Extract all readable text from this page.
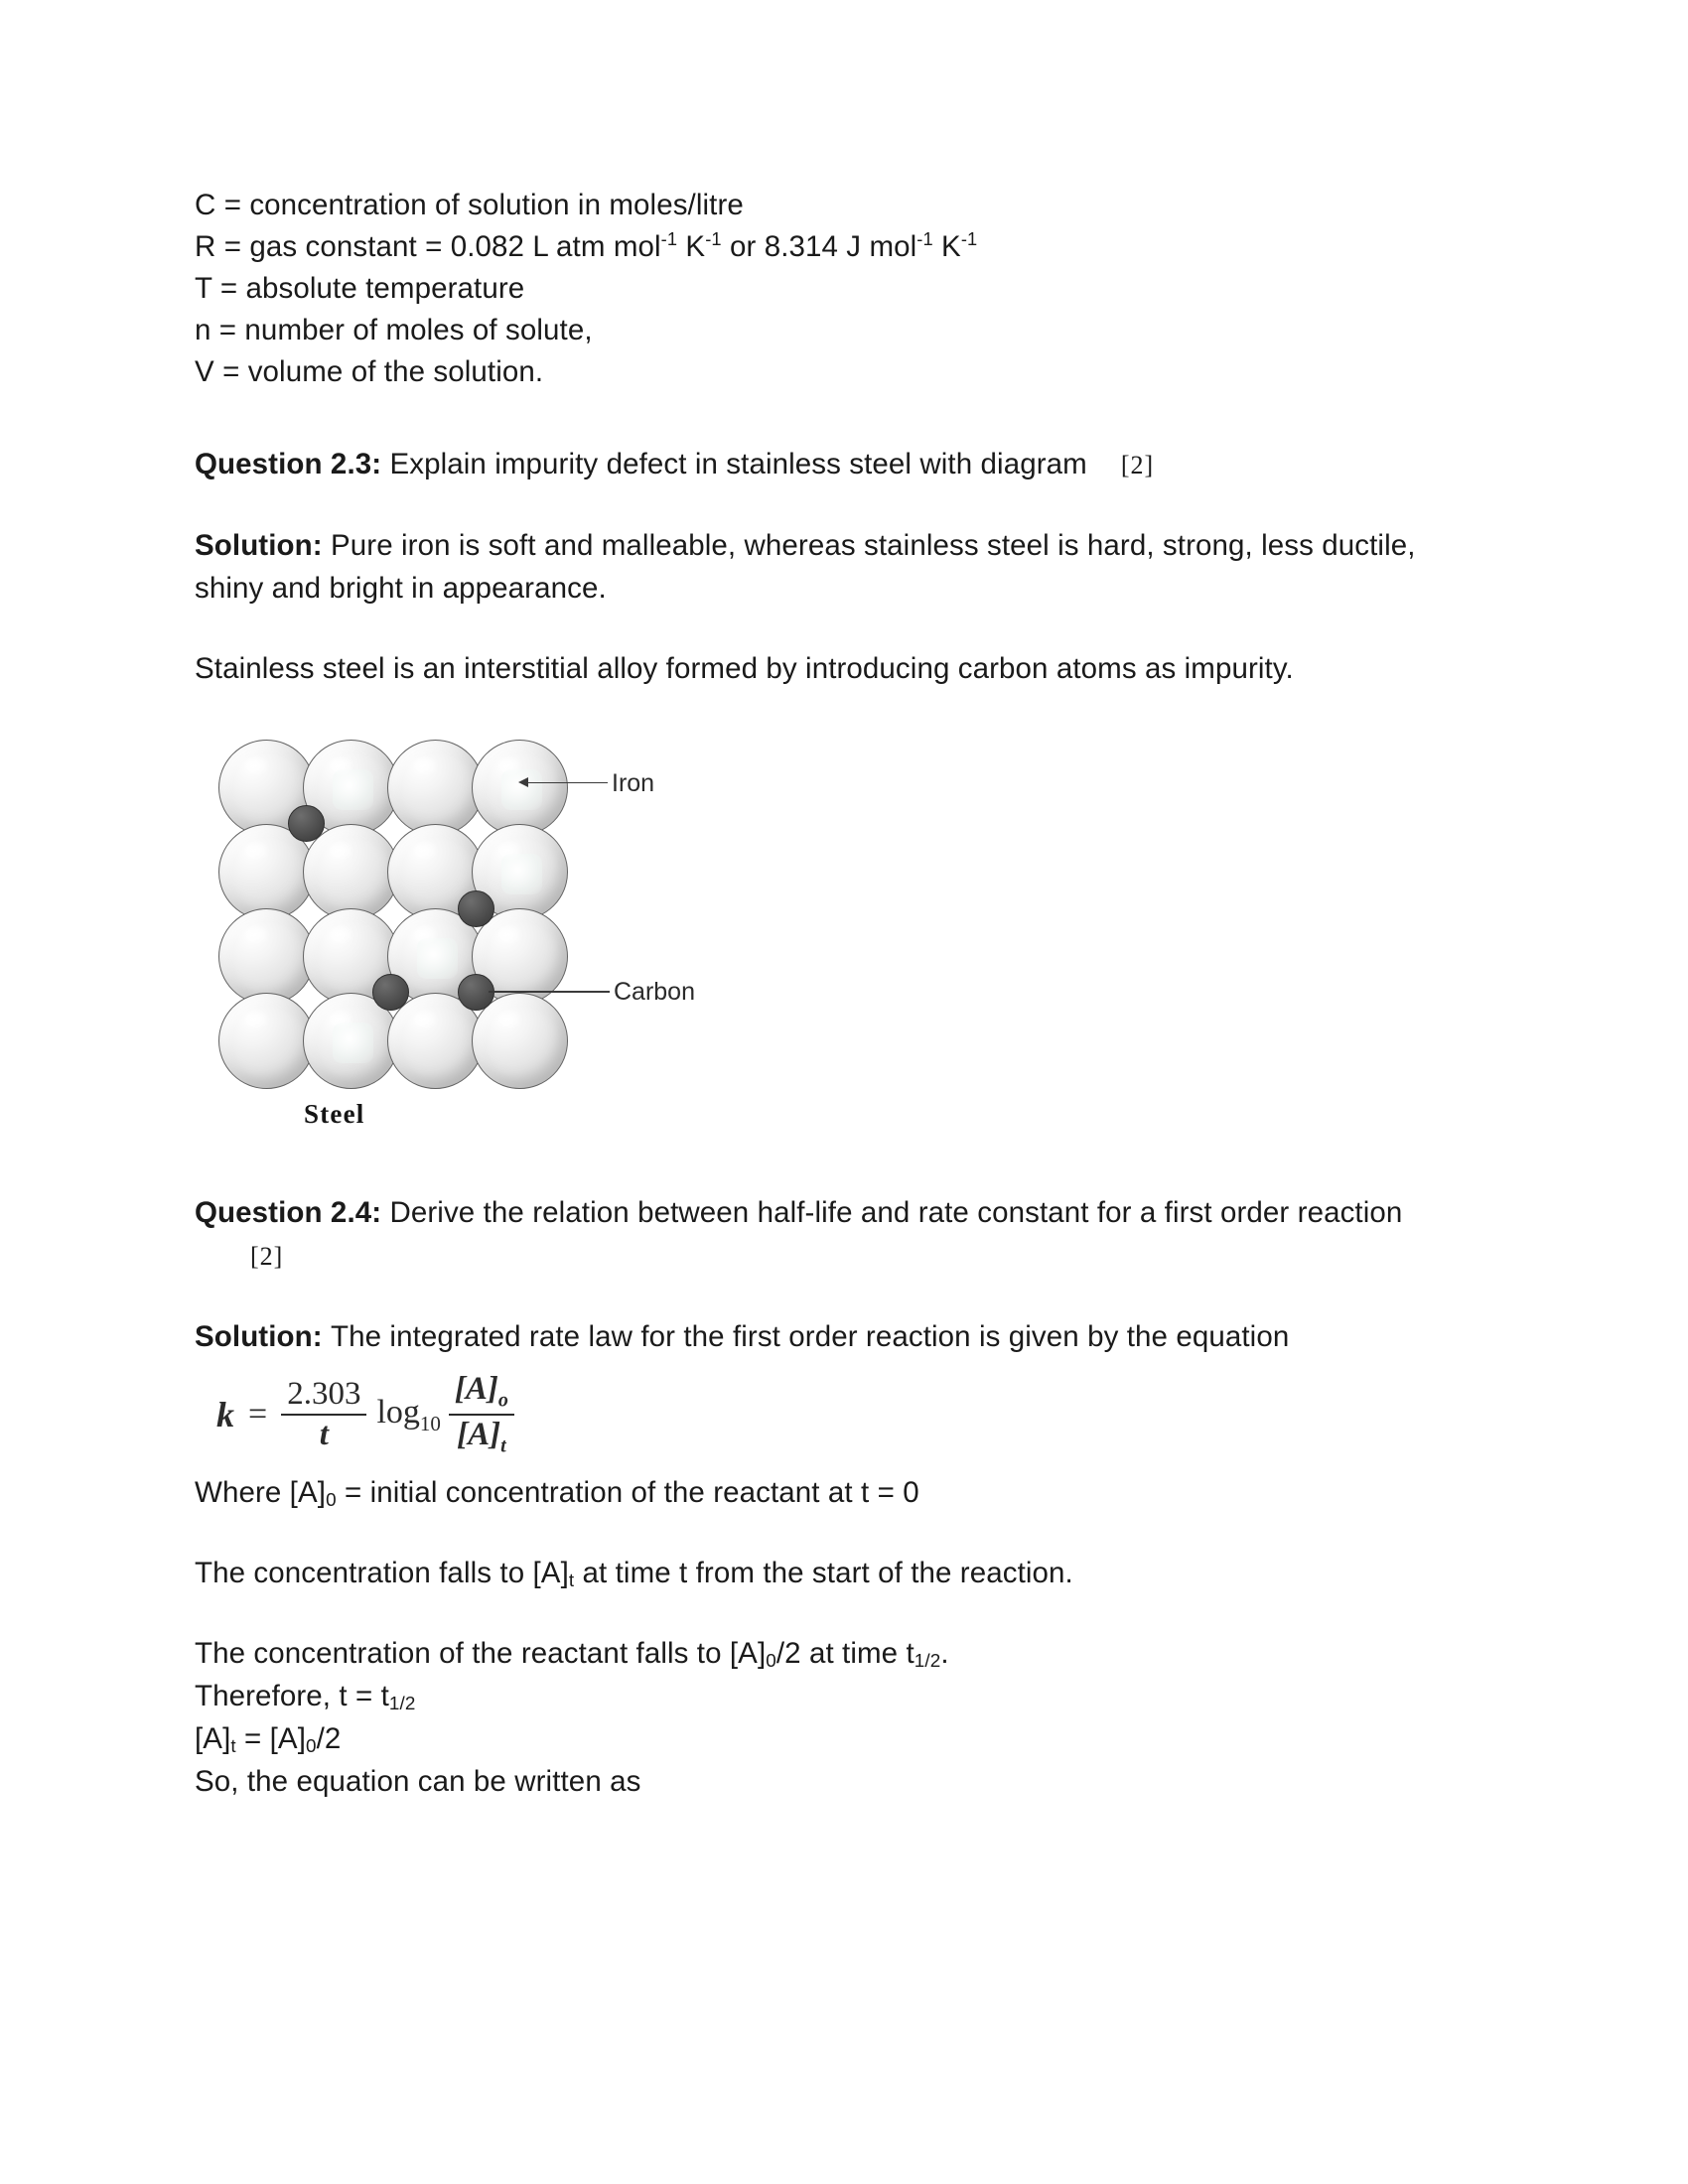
C = concentration of solution in moles/litre
R = gas constant = 0.082 L atm mol$^{-1}$ $K^{-1}$ or 8.314 J mol$^{-1}$ $K^{-1}$
T = absolute temperature
n = number of moles of solute,
V = volume of the solution.

Question 2.3: Explain impurity defect in stainless steel with diagram [2]

Solution: Pure iron is soft and malleable, whereas stainless steel is hard, strong, less ductile, shiny and bright in appearance.

Stainless steel is an interstitial alloy formed by introducing carbon atoms as impurity.

Iron
Carbon
Steel

Question 2.4: Derive the relation between half-life and rate constant for a first order reaction[2]

Solution: The integrated rate law for the first order reaction is given by the equation

$k = \frac{2.303}{t} \log_{10} \frac{[A]_o}{[A]_t}$

Where $[A]_0$ = initial concentration of the reactant at t = 0

The concentration falls to $[A]_t$ at time t from the start of the reaction.

The concentration of the reactant falls to $[A]_0/2$ at time $t_{1/2}$.

Therefore, $t = t_{1/2}$

$[A]_t = [A]_0/2$

So, the equation can be written as
